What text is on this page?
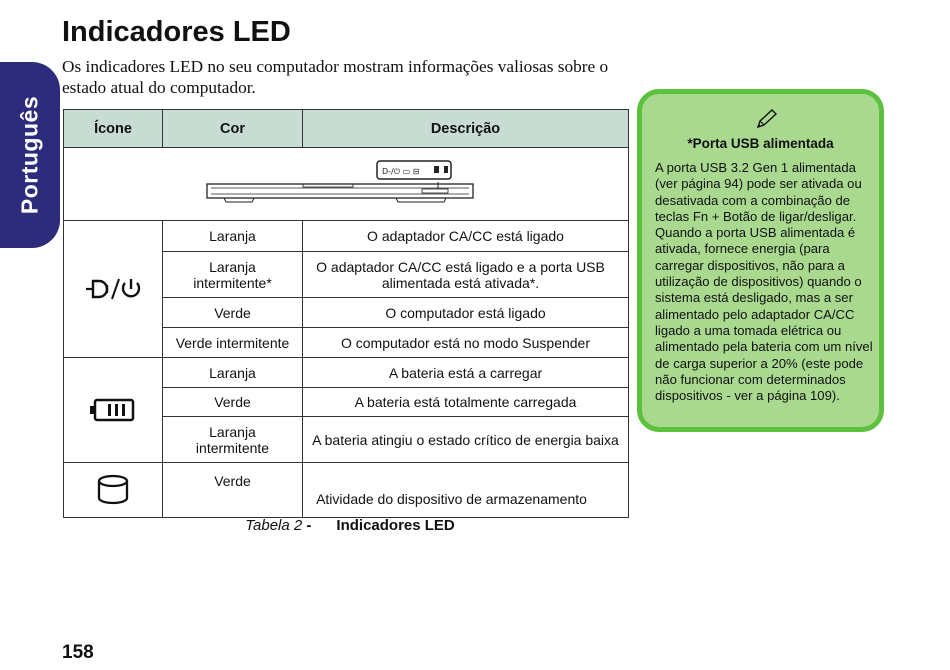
Português
Indicadores LED

Os indicadores LED no seu computador mostram informações valiosas sobre o estado atual do computador.

Ícone	Cor	Descrição

D-/⏻ ▭ ⊟		

	Laranja	O adaptador CA/CC está ligado
	Laranja intermitente*	O adaptador CA/CC está ligado e a porta USB alimentada está ativada*.
	Verde	O computador está ligado
	Verde intermitente	O computador está no modo Suspender

	Laranja	A bateria está a carregar
	Verde	A bateria está totalmente carregada
	Laranja intermitente	A bateria atingiu o estado crítico de energia baixa

	Verde	Atividade do dispositivo de armazenamento
Tabela 2 - Indicadores LED
*Porta USB alimentada

A porta USB 3.2 Gen 1 alimentada (ver página 94) pode ser ativada ou desativada com a combinação de teclas Fn + Botão de ligar/desligar. Quando a porta USB alimentada é ativada, fornece energia (para carregar dispositivos, não para a utilização de dispositivos) quando o sistema está desligado, mas a ser alimentado pelo adaptador CA/CC ligado a uma tomada elétrica ou alimentado pela bateria com um nível de carga superior a 20% (este pode não funcionar com determinados dispositivos - ver a página 109).

158
